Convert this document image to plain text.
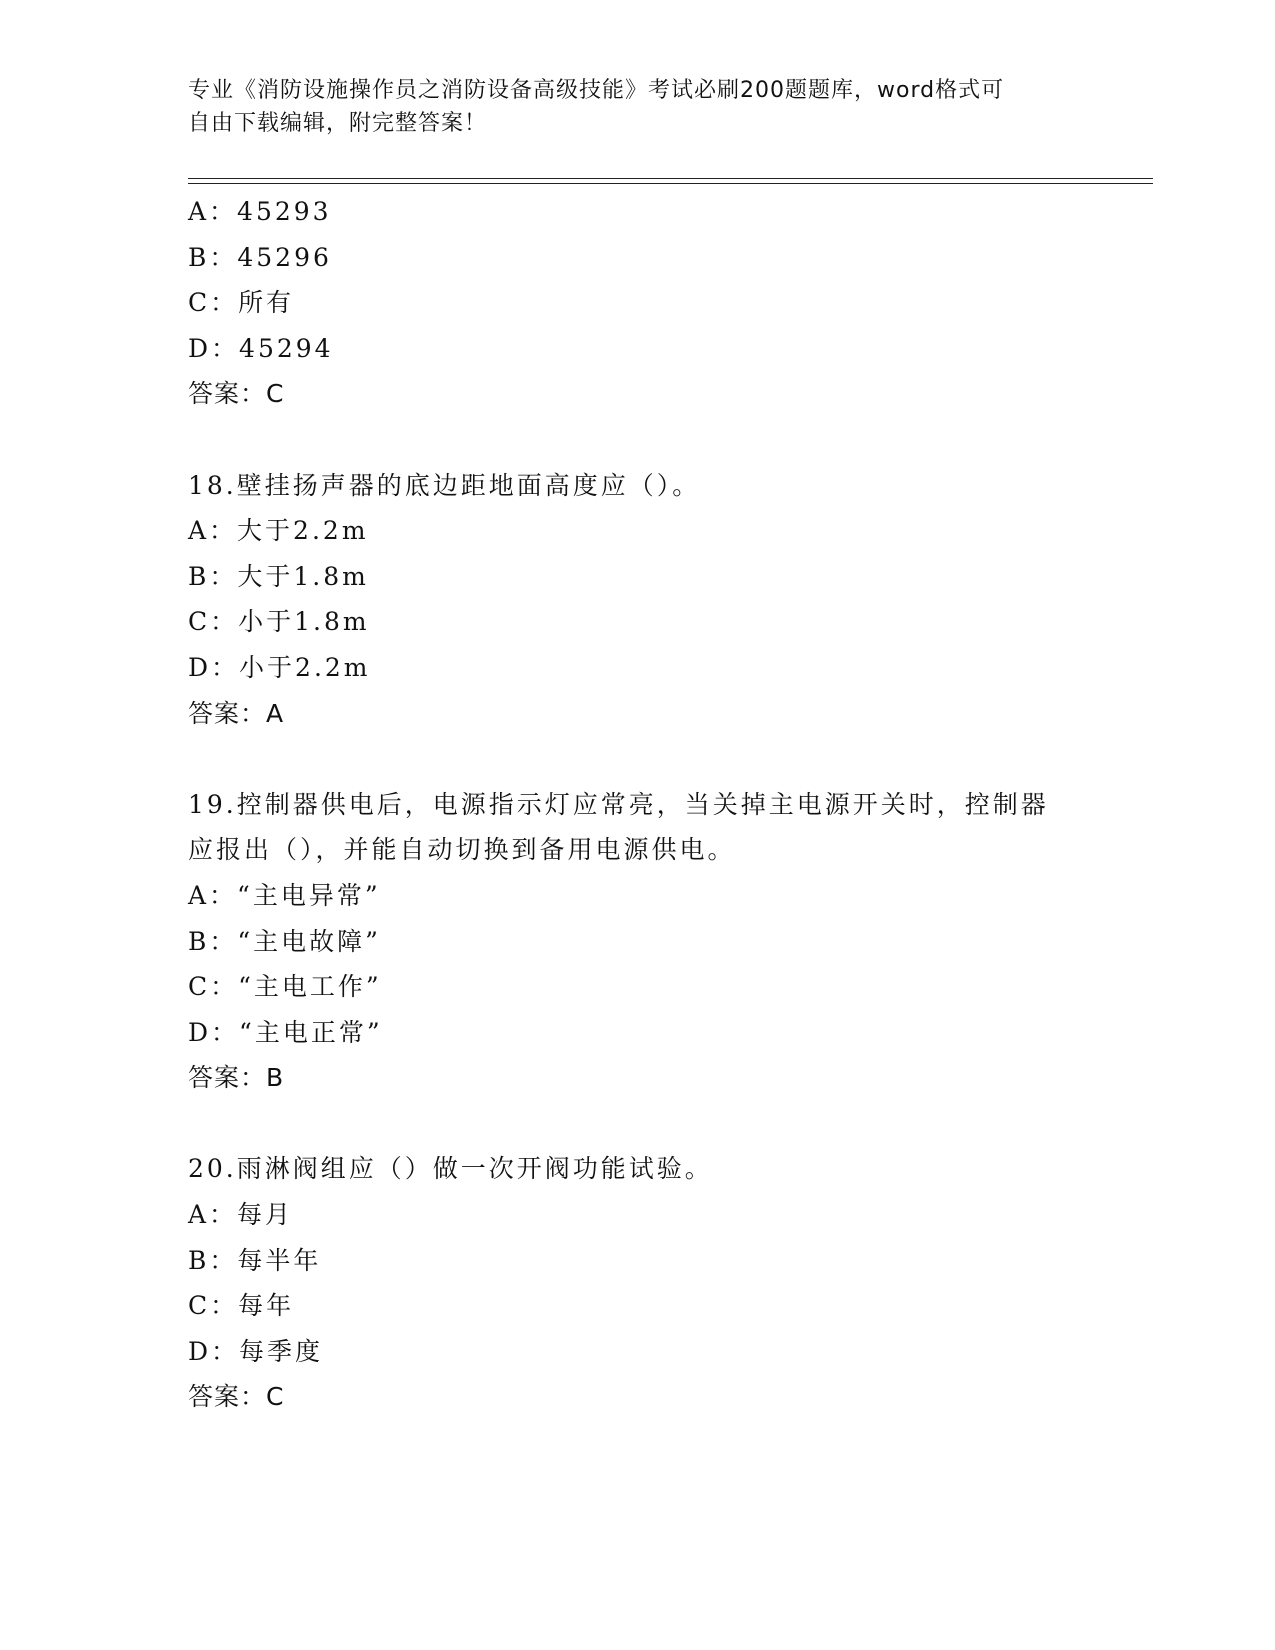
专业《消防设施操作员之消防设备高级技能》考试必刷200题题库，word格式可
自由下载编辑，附完整答案！
A：45293
B：45296
C：所有
D：45294
答案：C
18.壁挂扬声器的底边距地面高度应（）。
A：大于2.2m
B：大于1.8m
C：小于1.8m
D：小于2.2m
答案：A
19.控制器供电后，电源指示灯应常亮，当关掉主电源开关时，控制器
应报出（），并能自动切换到备用电源供电。
A：“主电异常”
B：“主电故障”
C：“主电工作”
D：“主电正常”
答案：B
20.雨淋阀组应（）做一次开阀功能试验。
A：每月
B：每半年
C：每年
D：每季度
答案：C
